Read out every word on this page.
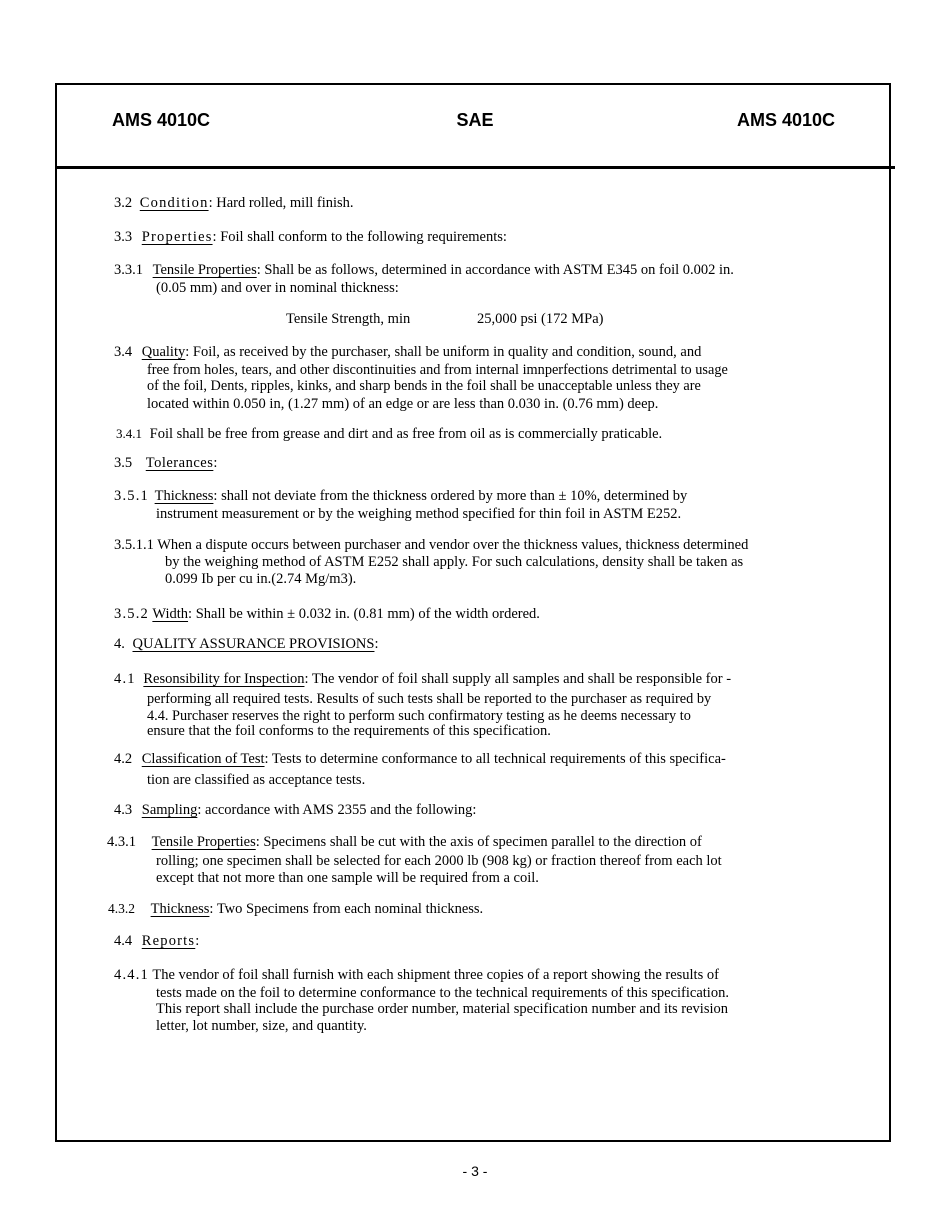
AMS 4010C	SAE	AMS 4010C
3.2 Condition: Hard rolled, mill finish.
3.3 Properties: Foil shall conform to the following requirements:
3.3.1 Tensile Properties: Shall be as follows, determined in accordance with ASTM E345 on foil 0.002 in.
(0.05 mm) and over in nominal thickness:
Tensile Strength, min	25,000 psi (172 MPa)
3.4 Quality: Foil, as received by the purchaser, shall be uniform in quality and condition, sound, and
free from holes, tears, and other discontinuities and from internal imnperfections detrimental to usage
of the foil, Dents, ripples, kinks, and sharp bends in the foil shall be unacceptable unless they are
located within 0.050 in, (1.27 mm) of an edge or are less than 0.030 in. (0.76 mm) deep.
3.4.1 Foil shall be free from grease and dirt and as free from oil as is commercially praticable.
3.5 Tolerances:
3.5.1 Thickness: shall not deviate from the thickness ordered by more than ± 10%, determined by
instrument measurement or by the weighing method specified for thin foil in ASTM E252.
3.5.1.1 When a dispute occurs between purchaser and vendor over the thickness values, thickness determined
by the weighing method of ASTM E252 shall apply. For such calculations, density shall be taken as
0.099 Ib per cu in.(2.74 Mg/m3).
3.5.2 Width: Shall be within ± 0.032 in. (0.81 mm) of the width ordered.
4. QUALITY ASSURANCE PROVISIONS:
4.1 Resonsibility for Inspection: The vendor of foil shall supply all samples and shall be responsible for -
performing all required tests. Results of such tests shall be reported to the purchaser as required by
4.4. Purchaser reserves the right to perform such confirmatory testing as he deems necessary to
ensure that the foil conforms to the requirements of this specification.
4.2 Classification of Test: Tests to determine conformance to all technical requirements of this specifica-
tion are classified as acceptance tests.
4.3 Sampling: accordance with AMS 2355 and the following:
4.3.1 Tensile Properties: Specimens shall be cut with the axis of specimen parallel to the direction of
rolling; one specimen shall be selected for each 2000 lb (908 kg) or fraction thereof from each lot
except that not more than one sample will be required from a coil.
4.3.2 Thickness: Two Specimens from each nominal thickness.
4.4 Reports:
4.4.1 The vendor of foil shall furnish with each shipment three copies of a report showing the results of
tests made on the foil to determine conformance to the technical requirements of this specification.
This report shall include the purchase order number, material specification number and its revision
letter, lot number, size, and quantity.
- 3 -
